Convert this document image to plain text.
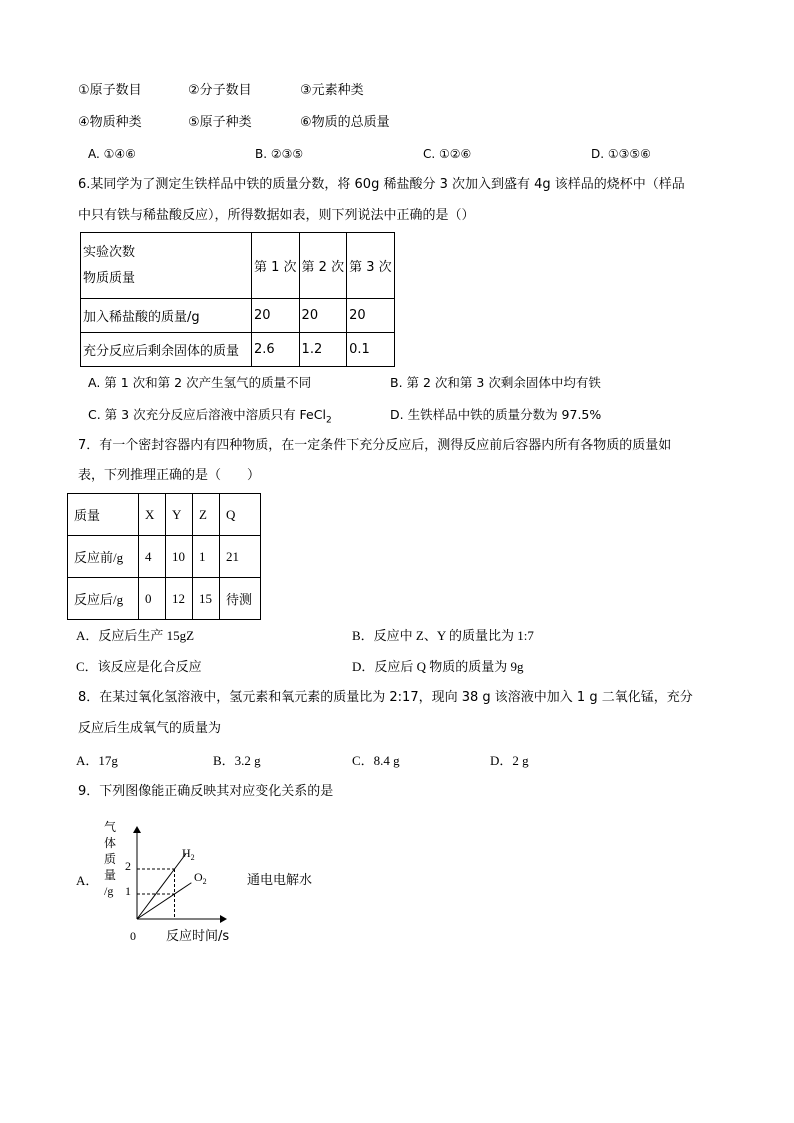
①原子数目	②分子数目	③元素种类
④物质种类	⑤原子种类	⑥物质的总质量
A. ①④⑥	B. ②③⑤	C. ①②⑥	D. ①③⑤⑥
6.某同学为了测定生铁样品中铁的质量分数，将 60g 稀盐酸分 3 次加入到盛有 4g 该样品的烧杯中（样品
中只有铁与稀盐酸反应），所得数据如表，则下列说法中正确的是（）
实验次数
物质质量	第 1 次	第 2 次	第 3 次
加入稀盐酸的质量/g	20	20	20
充分反应后剩余固体的质量	2.6	1.2	0.1
A. 第 1 次和第 2 次产生氢气的质量不同	B. 第 2 次和第 3 次剩余固体中均有铁
C. 第 3 次充分反应后溶液中溶质只有 FeCl$_2$	D. 生铁样品中铁的质量分数为 97.5%
7．有一个密封容器内有四种物质，在一定条件下充分反应后，测得反应前后容器内所有各物质的质量如
表，下列推理正确的是（　　）
质量	X	Y	Z	Q
反应前/g	4	10	1	21
反应后/g	0	12	15	待测
A．反应后生产 15gZ	B．反应中 Z、Y 的质量比为 1:7
C．该反应是化合反应	D．反应后 Q 物质的质量为 9g
8．在某过氧化氢溶液中，氢元素和氧元素的质量比为 2:17，现向 38 g 该溶液中加入 1 g 二氧化锰，充分
反应后生成氧气的质量为
A．17g	B．3.2 g	C．8.4 g	D．2 g
9．下列图像能正确反映其对应变化关系的是
A．	通电电解水
气
体
质
量
/g
2
1
0 反应时间/s
$H_2$
$O_2$
